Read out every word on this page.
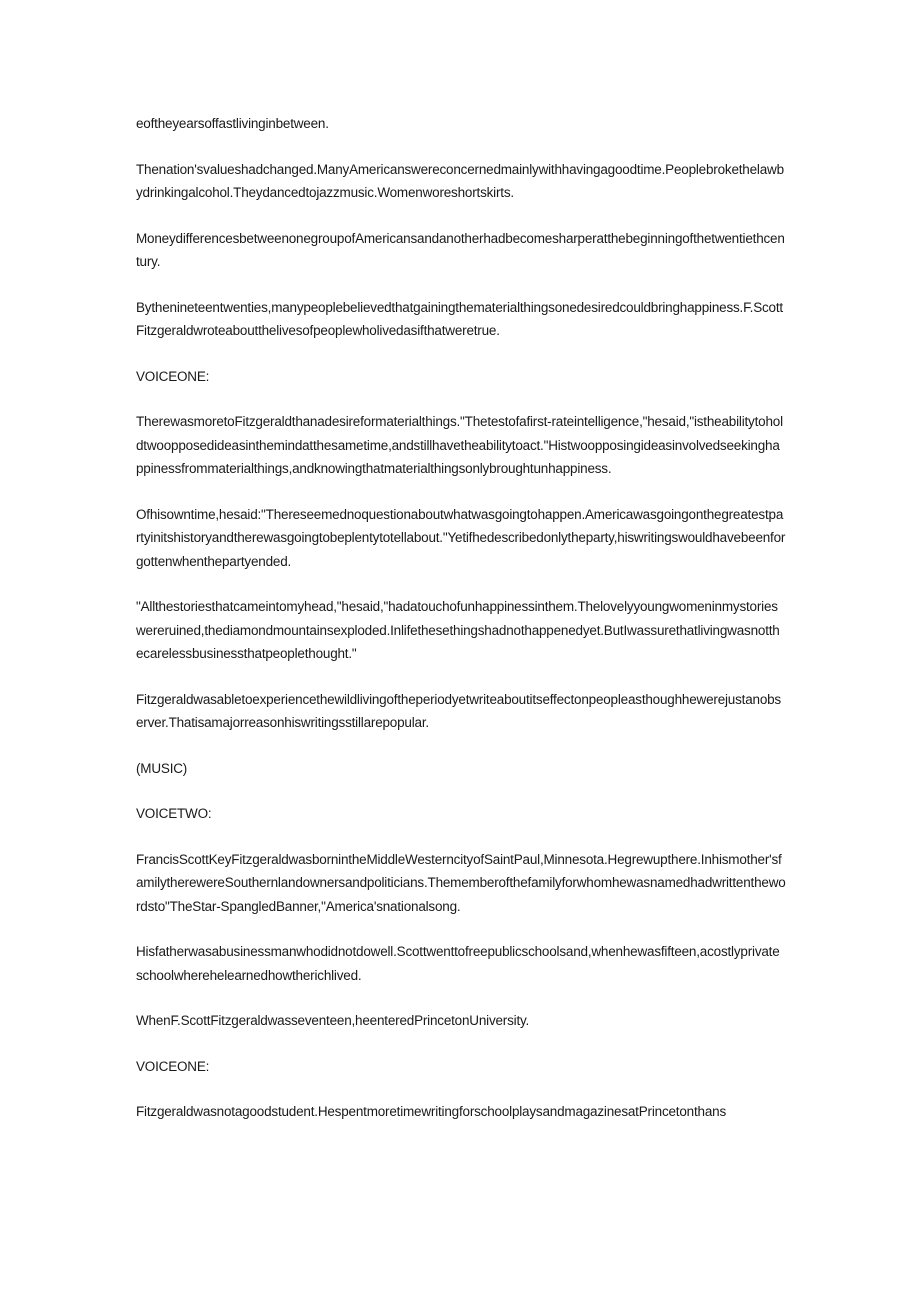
eoftheyearsoffastlivinginbetween.

Thenation'svalueshadchanged.ManyAmericanswereconcernedmainlywithhavingagoodtime.Peoplebrokethelawbydrinkingalcohol.Theydancedtojazzmusic.Womenworeshortskirts.

MoneydifferencesbetweenonegroupofAmericansandanotherhadbecomesharperatthebeginningofthetwentiethcentury.

Bythenineteentwenties,manypeoplebelievedthatgainingthematerialthingsonedesiredcouldbringhappiness.F.ScottFitzgeraldwroteaboutthelivesofpeoplewholivedasifthatweretrue.

VOICEONE:

TherewasmoretoFitzgeraldthanadesireformaterialthings."Thetestofafirst-rateintelligence,"hesaid,"istheabilitytoholdtwoopposedideasinthemindatthesametime,andstillhavetheabilitytoact."Histwoopposingideasinvolvedseekinghappinessfrommaterialthings,andknowingthatmaterialthingsonlybroughtunhappiness.

Ofhisowntime,hesaid:"Thereseemednoquestionaboutwhatwasgoingtohappen.Americawasgoingonthegreatestpartyinitshistoryandtherewasgoingtobeplentytotellabout."Yetifhedescribedonlytheparty,hiswritingswouldhavebeenforgottenwhenthepartyended.

"Allthestoriesthatcameintomyhead,"hesaid,"hadatouchofunhappinessinthem.Thelovelyyoungwomeninmystorieswereruined,thediamondmountainsexploded.Inlifethesethingshadnothappenedyet.ButIwassurethatlivingwasnotthecarelessbusinessthatpeoplethought."

Fitzgeraldwasabletoexperiencethewildlivingoftheperiodyetwriteaboutitseffectonpeopleasthoughhewerejustanobserver.Thatisamajorreasonhiswritingsstillarepopular.

(MUSIC)

VOICETWO:

FrancisScottKeyFitzgeraldwasbornintheMiddleWesterncityofSaintPaul,Minnesota.Hegrewupthere.Inhismother'sfamilytherewereSouthernlandownersandpoliticians.Thememberofthefamilyforwhomhewasnamedhadwrittenthewordsto"TheStar-SpangledBanner,"America'snationalsong.

Hisfatherwasabusinessmanwhodidnotdowell.Scottwenttofreepublicschoolsand,whenhewasfifteen,acostlyprivateschoolwherehelearnedhowtherichlived.

WhenF.ScottFitzgeraldwasseventeen,heenteredPrincetonUniversity.

VOICEONE:

Fitzgeraldwasnotagoodstudent.HespentmoretimewritingforschoolplaysandmagazinesatPrincetonthans
